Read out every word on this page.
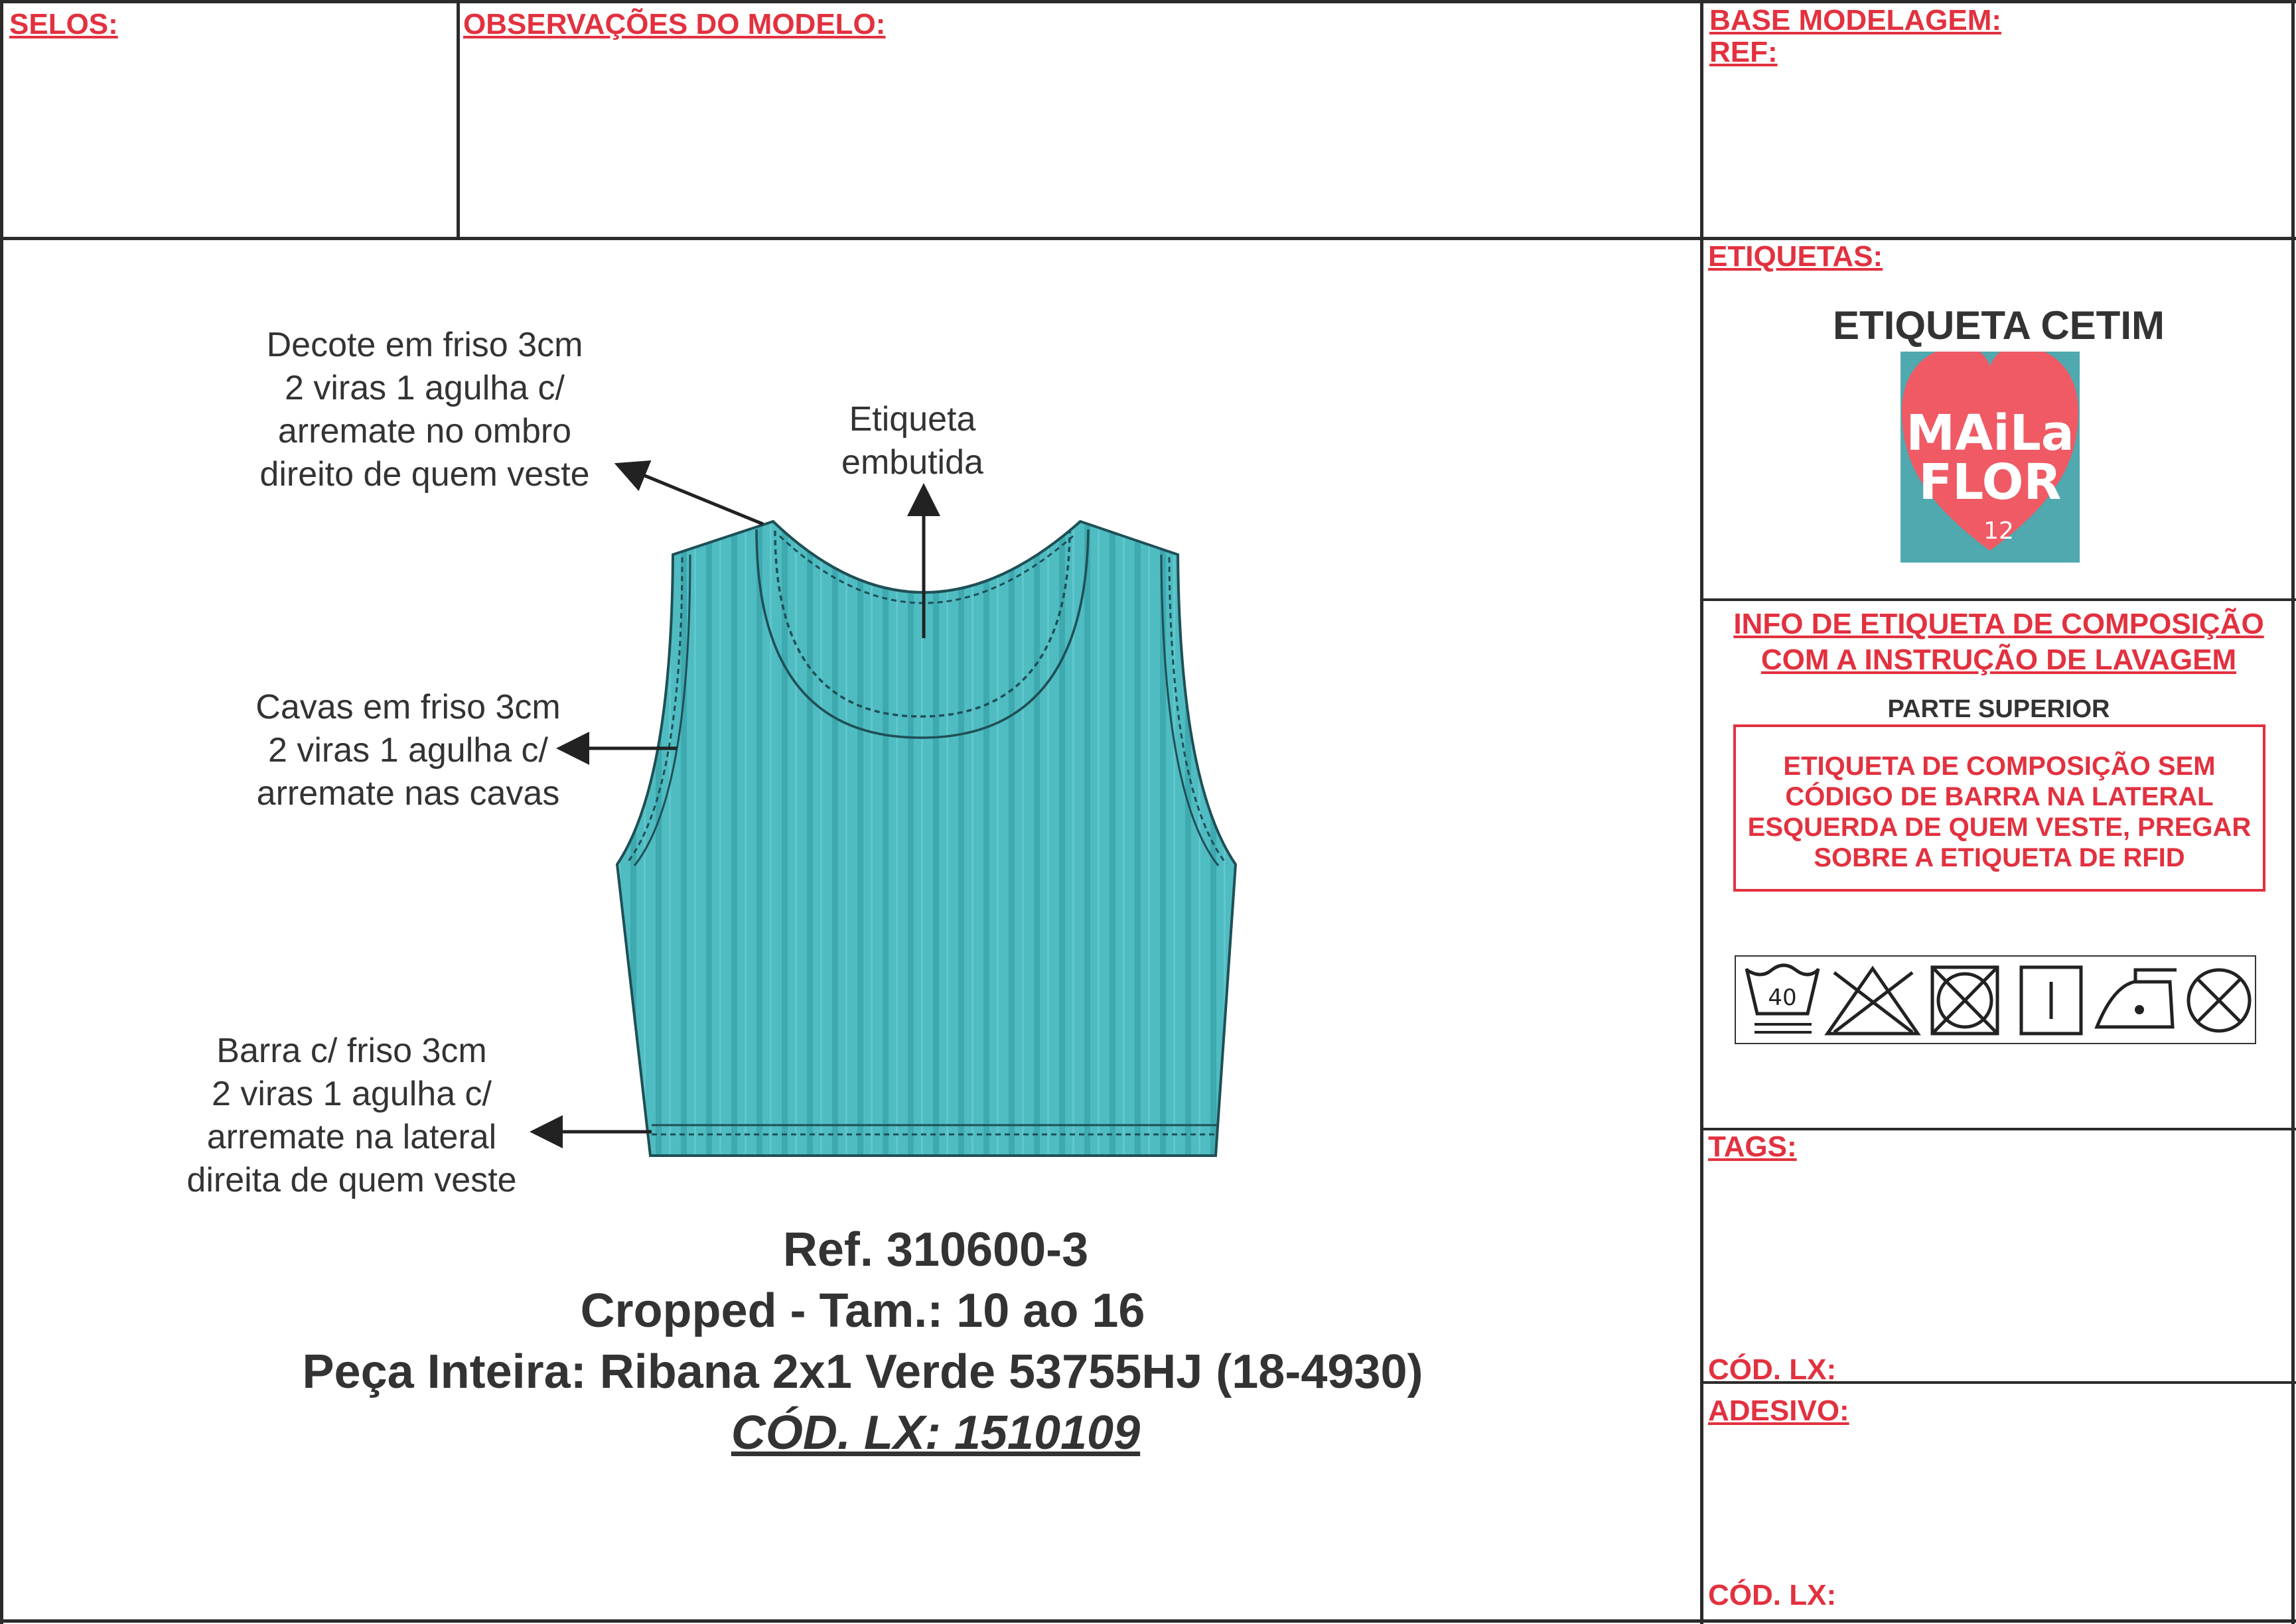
SELOS:	OBSERVAÇÕES DO MODELO:	BASE MODELAGEM:
REF:
Decote em friso 3cm
2 viras 1 agulha c/
arremate no ombro
direito de quem veste
Etiqueta
embutida
Cavas em friso 3cm
2 viras 1 agulha c/
arremate nas cavas
Barra c/ friso 3cm
2 viras 1 agulha c/
arremate na lateral
direita de quem veste
Ref. 310600-3
Cropped - Tam.: 10 ao 16
Peça Inteira: Ribana 2x1 Verde 53755HJ (18-4930)
CÓD. LX: 1510109
ETIQUETAS:
ETIQUETA CETIM
MAiLa
FLOR
12
INFO DE ETIQUETA DE COMPOSIÇÃO
COM A INSTRUÇÃO DE LAVAGEM
PARTE SUPERIOR
ETIQUETA DE COMPOSIÇÃO SEM
CÓDIGO DE BARRA NA LATERAL
ESQUERDA DE QUEM VESTE, PREGAR
SOBRE A ETIQUETA DE RFID
40
TAGS:
CÓD. LX:
ADESIVO:
CÓD. LX:
